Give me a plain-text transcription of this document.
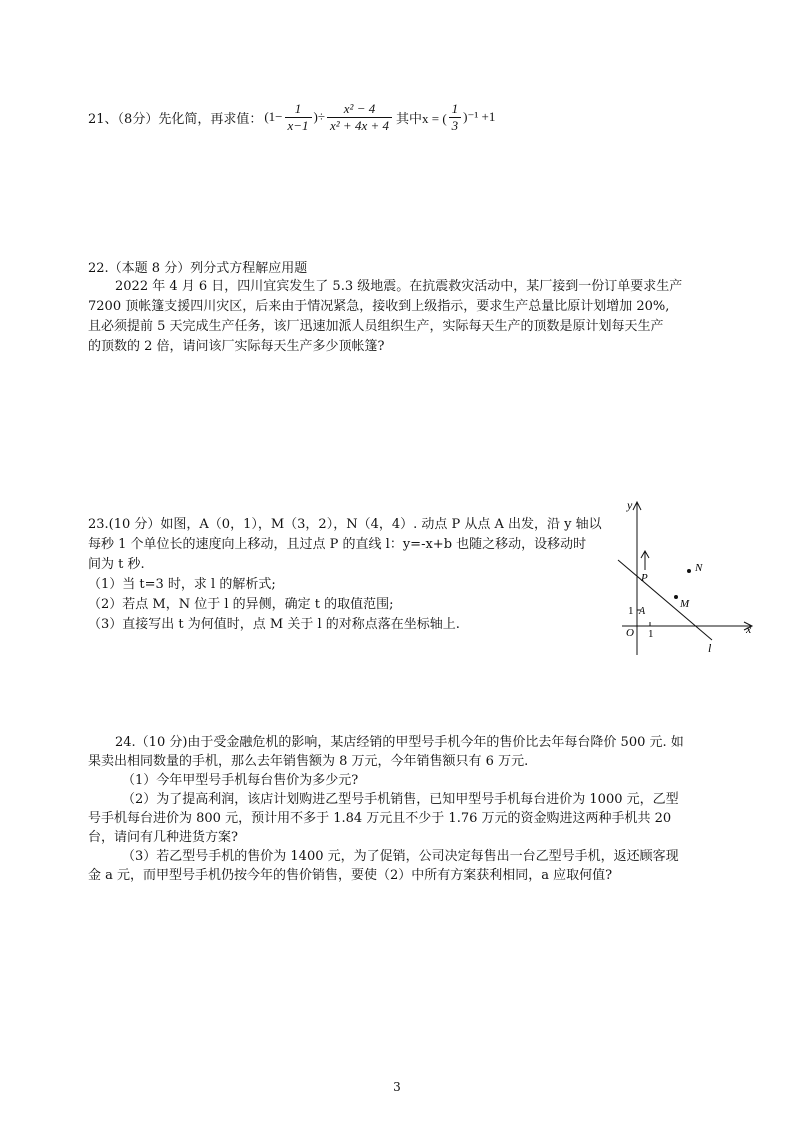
21、（8分）先化简，再求值： ($1- \frac{1}{x-1}$ )÷ $\frac{\text{x² − 4}}{\text{x² + 4x + 4}}$ 其中x = ( $\frac{1}{3} )^{-1} +1$
22.（本题 8 分）列分式方程解应用题
2022 年 4 月 6 日，四川宜宾发生了 5.3 级地震。在抗震救灾活动中，某厂接到一份订单要求生产
7200 顶帐篷支援四川灾区，后来由于情况紧急，接收到上级指示，要求生产总量比原计划增加 20%,
且必须提前 5 天完成生产任务，该厂迅速加派人员组织生产，实际每天生产的顶数是原计划每天生产
的顶数的 2 倍，请问该厂实际每天生产多少顶帐篷?
23.(10 分）如图，A（0，1），M（3，2），N（4，4）. 动点 P 从点 A 出发，沿 y 轴以
每秒 1 个单位长的速度向上移动，且过点 P 的直线 l：y=-x+b 也随之移动，设移动时
间为 t 秒.
（1）当 t=3 时，求 l 的解析式;
（2）若点 M，N 位于 l 的异侧，确定 t 的取值范围;
（3）直接写出 t 为何值时，点 M 关于 l 的对称点落在坐标轴上.
y
x
O 1
1 A
P
l
M
N
24.（10 分)由于受金融危机的影响，某店经销的甲型号手机今年的售价比去年每台降价 500 元. 如
果卖出相同数量的手机，那么去年销售额为 8 万元，今年销售额只有 6 万元.
（1）今年甲型号手机每台售价为多少元?
（2）为了提高利润，该店计划购进乙型号手机销售，已知甲型号手机每台进价为 1000 元，乙型
号手机每台进价为 800 元，预计用不多于 1.84 万元且不少于 1.76 万元的资金购进这两种手机共 20
台，请问有几种进货方案?
（3）若乙型号手机的售价为 1400 元，为了促销，公司决定每售出一台乙型号手机，返还顾客现
金 a 元，而甲型号手机仍按今年的售价销售，要使（2）中所有方案获利相同，a 应取何值?
3
